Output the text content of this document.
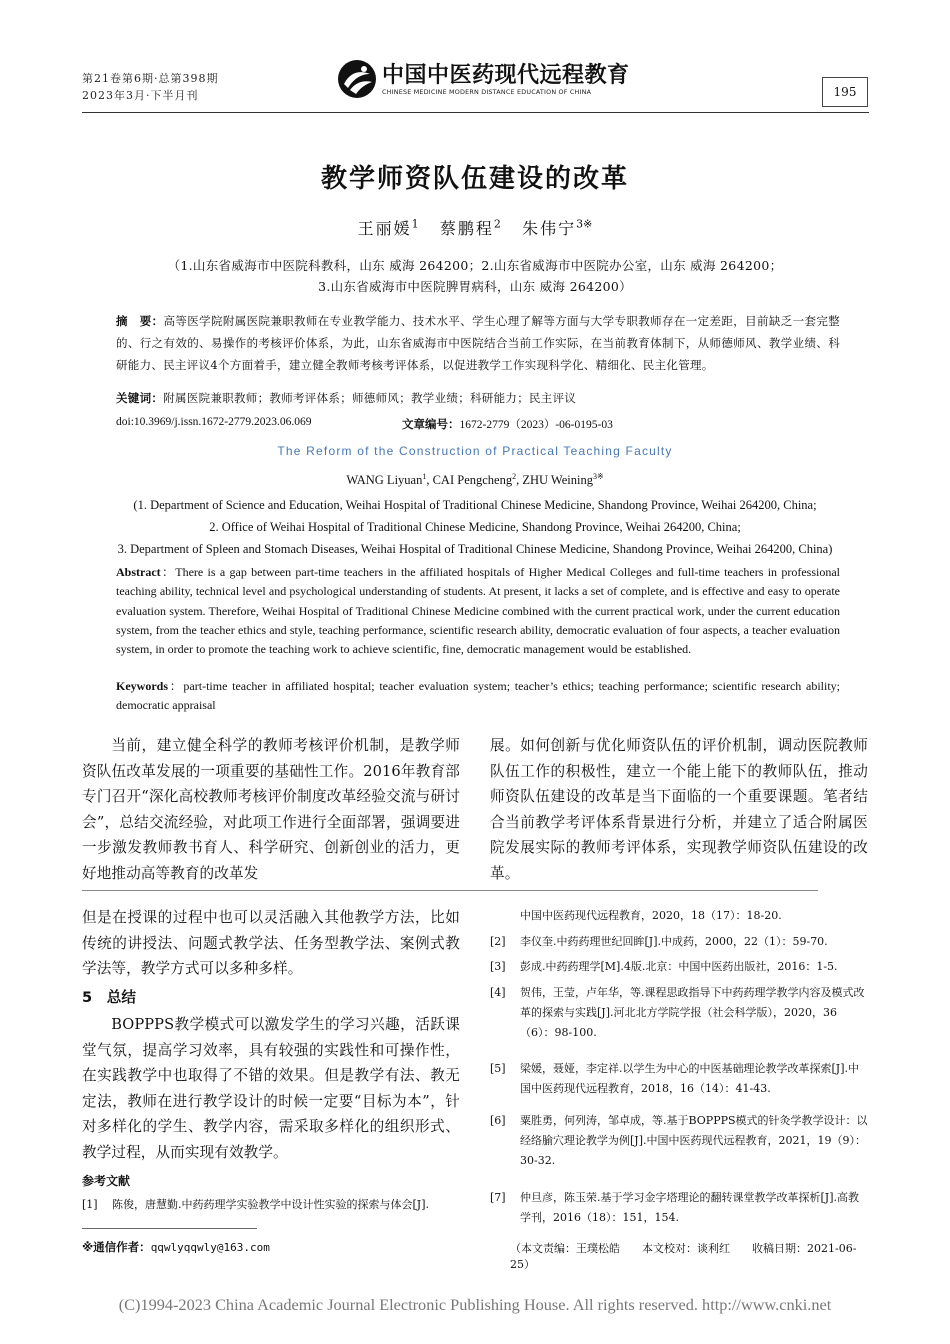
第21卷第6期·总第398期
2023年3月·下半月刊
中国中医药现代远程教育
CHINESE MEDICINE MODERN DISTANCE EDUCATION OF CHINA	195
教学师资队伍建设的改革
王丽媛$^1$ 蔡鹏程$^2$ 朱伟宁$^{3※}$
（1.山东省威海市中医院科教科，山东 威海 264200；2.山东省威海市中医院办公室，山东 威海 264200；
3.山东省威海市中医院脾胃病科，山东 威海 264200）
摘　要：高等医学院附属医院兼职教师在专业教学能力、技术水平、学生心理了解等方面与大学专职教师存在一定差距，目前缺乏一套完整的、行之有效的、易操作的考核评价体系，为此，山东省威海市中医院结合当前工作实际，在当前教育体制下，从师德师风、教学业绩、科研能力、民主评议4个方面着手，建立健全教师考核考评体系，以促进教学工作实现科学化、精细化、民主化管理。
关键词：附属医院兼职教师；教师考评体系；师德师风；教学业绩；科研能力；民主评议
doi:10.3969/j.issn.1672-2779.2023.06.069	文章编号：1672-2779（2023）-06-0195-03
The Reform of the Construction of Practical Teaching Faculty
WANG Liyuan$^1$, CAI Pengcheng$^2$, ZHU Weining$^{3※}$
(1. Department of Science and Education, Weihai Hospital of Traditional Chinese Medicine, Shandong Province, Weihai 264200, China;
2. Office of Weihai Hospital of Traditional Chinese Medicine, Shandong Province, Weihai 264200, China;
3. Department of Spleen and Stomach Diseases, Weihai Hospital of Traditional Chinese Medicine, Shandong Province, Weihai 264200, China)
Abstract：There is a gap between part-time teachers in the affiliated hospitals of Higher Medical Colleges and full-time teachers in professional teaching ability, technical level and psychological understanding of students. At present, it lacks a set of complete, and is effective and easy to operate evaluation system. Therefore, Weihai Hospital of Traditional Chinese Medicine combined with the current practical work, under the current education system, from the teacher ethics and style, teaching performance, scientific research ability, democratic evaluation of four aspects, a teacher evaluation system, in order to promote the teaching work to achieve scientific, fine, democratic management would be established.
Keywords：part-time teacher in affiliated hospital; teacher evaluation system; teacher’s ethics; teaching performance; scientific research ability; democratic appraisal
当前，建立健全科学的教师考核评价机制，是教学师资队伍改革发展的一项重要的基础性工作。2016年教育部专门召开“深化高校教师考核评价制度改革经验交流与研讨会”，总结交流经验，对此项工作进行全面部署，强调要进一步激发教师教书育人、科学研究、创新创业的活力，更好地推动高等教育的改革发
展。如何创新与优化师资队伍的评价机制，调动医院教师队伍工作的积极性，建立一个能上能下的教师队伍，推动师资队伍建设的改革是当下面临的一个重要课题。笔者结合当前教学考评体系背景进行分析，并建立了适合附属医院发展实际的教师考评体系，实现教学师资队伍建设的改革。
但是在授课的过程中也可以灵活融入其他教学方法，比如传统的讲授法、问题式教学法、任务型教学法、案例式教学法等，教学方式可以多种多样。
5　总结
BOPPPS教学模式可以激发学生的学习兴趣，活跃课堂气氛，提高学习效率，具有较强的实践性和可操作性，在实践教学中也取得了不错的效果。但是教学有法、教无定法，教师在进行教学设计的时候一定要“目标为本”，针对多样化的学生、教学内容，需采取多样化的组织形式、教学过程，从而实现有效教学。
参考文献
[1] 陈俊，唐慧勤.中药药理学实验教学中设计性实验的探索与体会[J].
中国中医药现代远程教育，2020，18（17）：18-20.
[2] 李仪奎.中药药理世纪回眸[J].中成药，2000，22（1）：59-70.
[3] 彭成.中药药理学[M].4版.北京：中国中医药出版社，2016：1-5.
[4] 贺伟，王莹，卢年华，等.课程思政指导下中药药理学教学内容及模式改革的探索与实践[J].河北北方学院学报（社会科学版），2020，36（6）：98-100.
[5] 梁媛，聂娅，李定祥.以学生为中心的中医基础理论教学改革探索[J].中国中医药现代远程教育，2018，16（14）：41-43.
[6] 粟胜勇，何列涛，邹卓成，等.基于BOPPPS模式的针灸学教学设计：以经络腧穴理论教学为例[J].中国中医药现代远程教育，2021，19（9）：30-32.
[7] 仲旦彦，陈玉荣.基于学习金字塔理论的翻转课堂教学改革探析[J].高教学刊，2016（18）：151，154.
※通信作者：qqwlyqqwly@163.com	（本文责编：王璞松皓　　本文校对：谈利红　　收稿日期：2021-06-25）
(C)1994-2023 China Academic Journal Electronic Publishing House. All rights reserved. http://www.cnki.net
